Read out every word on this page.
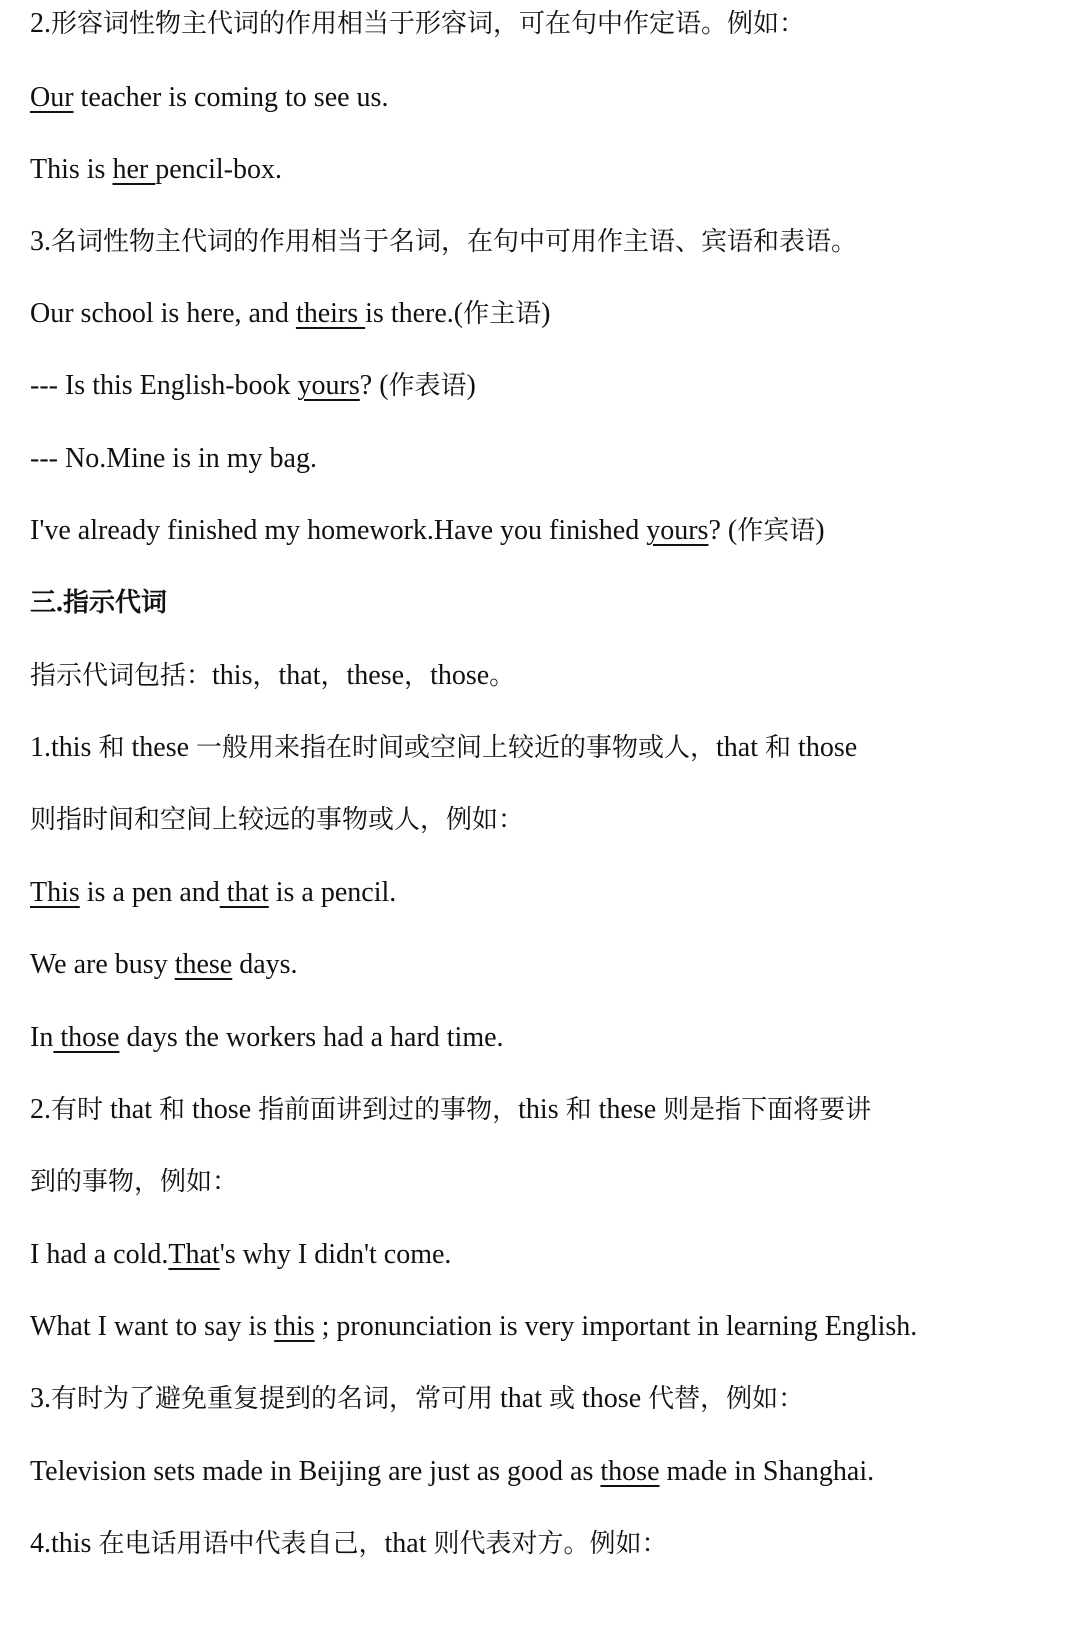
2.形容词性物主代词的作用相当于形容词，可在句中作定语。例如：
Our teacher is coming to see us.
This is her pencil-box.
3.名词性物主代词的作用相当于名词，在句中可用作主语、宾语和表语。
Our school is here, and theirs is there.(作主语)
--- Is this English-book yours? (作表语)
--- No.Mine is in my bag.
I've already finished my homework.Have you finished yours? (作宾语)
三.指示代词
指示代词包括：this，that，these，those。
1.this 和 these 一般用来指在时间或空间上较近的事物或人，that 和 those
则指时间和空间上较远的事物或人，例如：
This is a pen and that is a pencil.
We are busy these days.
In those days the workers had a hard time.
2.有时 that 和 those 指前面讲到过的事物，this 和 these 则是指下面将要讲
到的事物，例如：
I had a cold.That's why I didn't come.
What I want to say is this ; pronunciation is very important in learning English.
3.有时为了避免重复提到的名词，常可用 that 或 those 代替，例如：
Television sets made in Beijing are just as good as those made in Shanghai.
4.this 在电话用语中代表自己，that 则代表对方。例如：
